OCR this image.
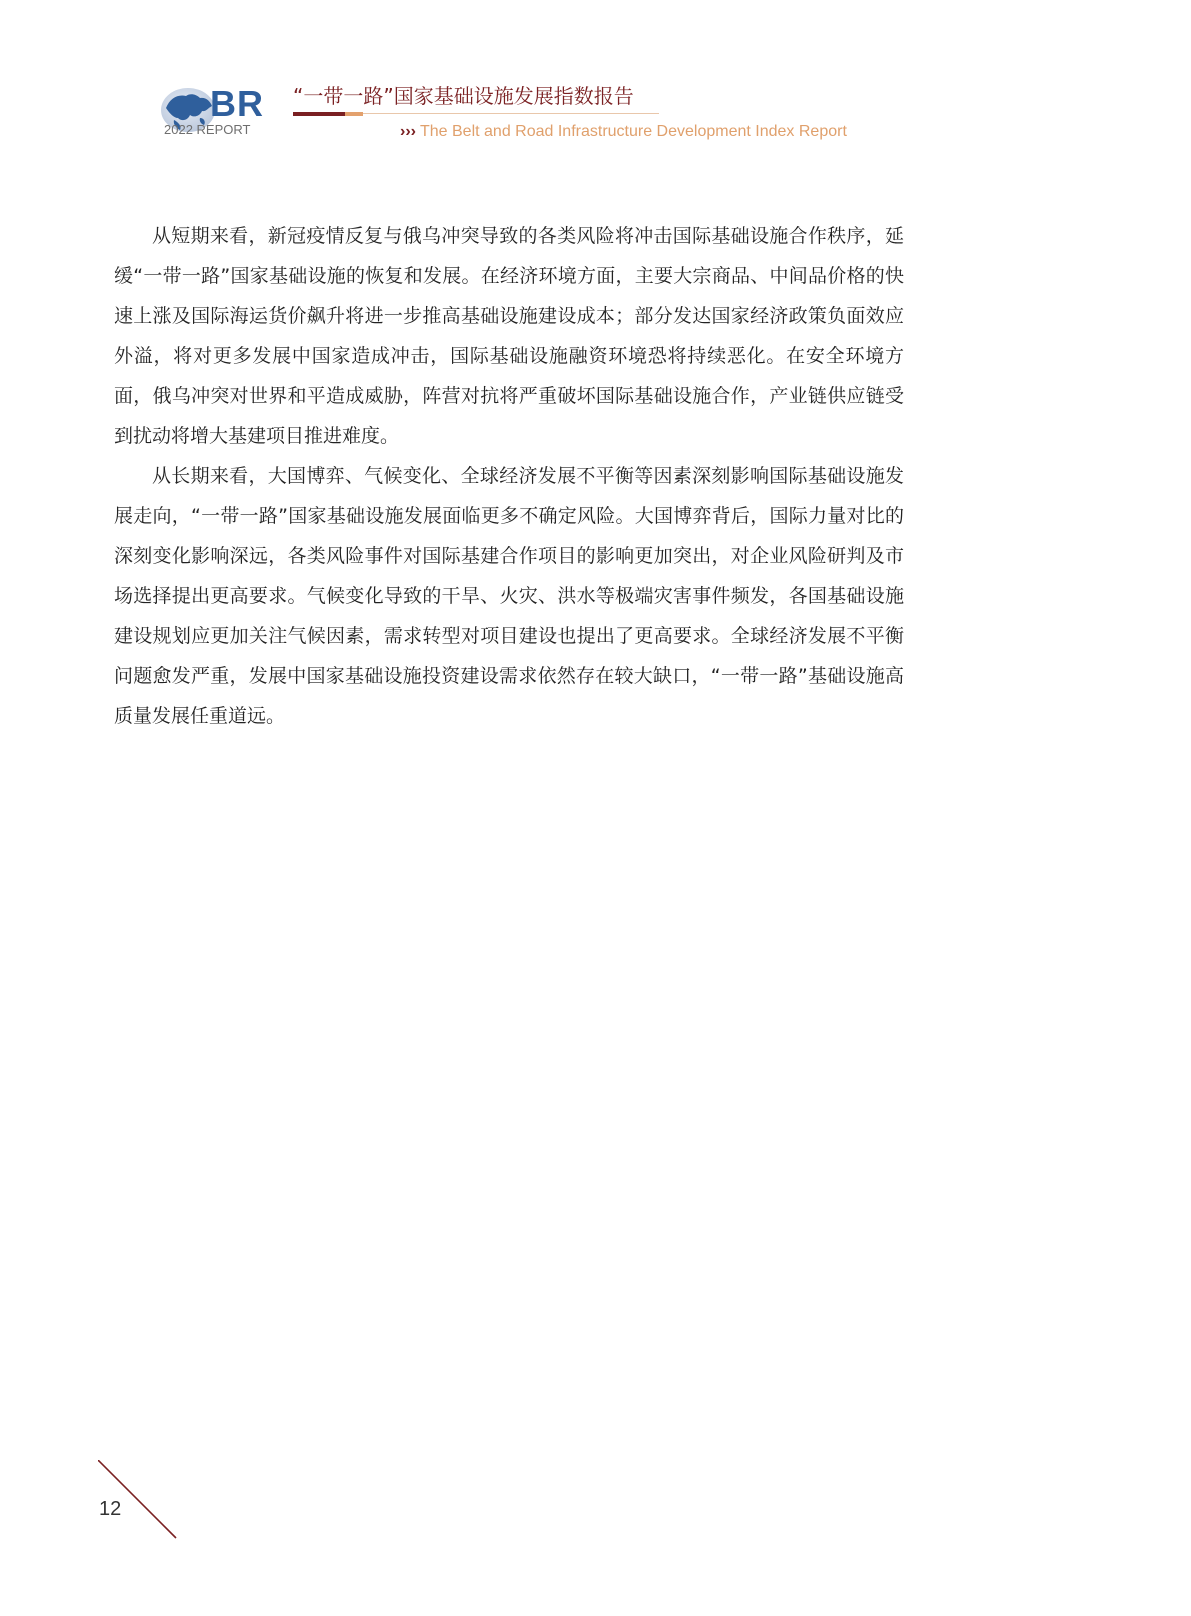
BR
2022 REPORT
“一带一路”国家基础设施发展指数报告
››› The Belt and Road Infrastructure Development Index Report

从短期来看，新冠疫情反复与俄乌冲突导致的各类风险将冲击国际基础设施合作秩序，延缓“一带一路”国家基础设施的恢复和发展。在经济环境方面，主要大宗商品、中间品价格的快速上涨及国际海运货价飙升将进一步推高基础设施建设成本；部分发达国家经济政策负面效应外溢，将对更多发展中国家造成冲击，国际基础设施融资环境恐将持续恶化。在安全环境方面，俄乌冲突对世界和平造成威胁，阵营对抗将严重破坏国际基础设施合作，产业链供应链受到扰动将增大基建项目推进难度。

从长期来看，大国博弈、气候变化、全球经济发展不平衡等因素深刻影响国际基础设施发展走向，“一带一路”国家基础设施发展面临更多不确定风险。大国博弈背后，国际力量对比的深刻变化影响深远，各类风险事件对国际基建合作项目的影响更加突出，对企业风险研判及市场选择提出更高要求。气候变化导致的干旱、火灾、洪水等极端灾害事件频发，各国基础设施建设规划应更加关注气候因素，需求转型对项目建设也提出了更高要求。全球经济发展不平衡问题愈发严重，发展中国家基础设施投资建设需求依然存在较大缺口，“一带一路”基础设施高质量发展任重道远。

12
